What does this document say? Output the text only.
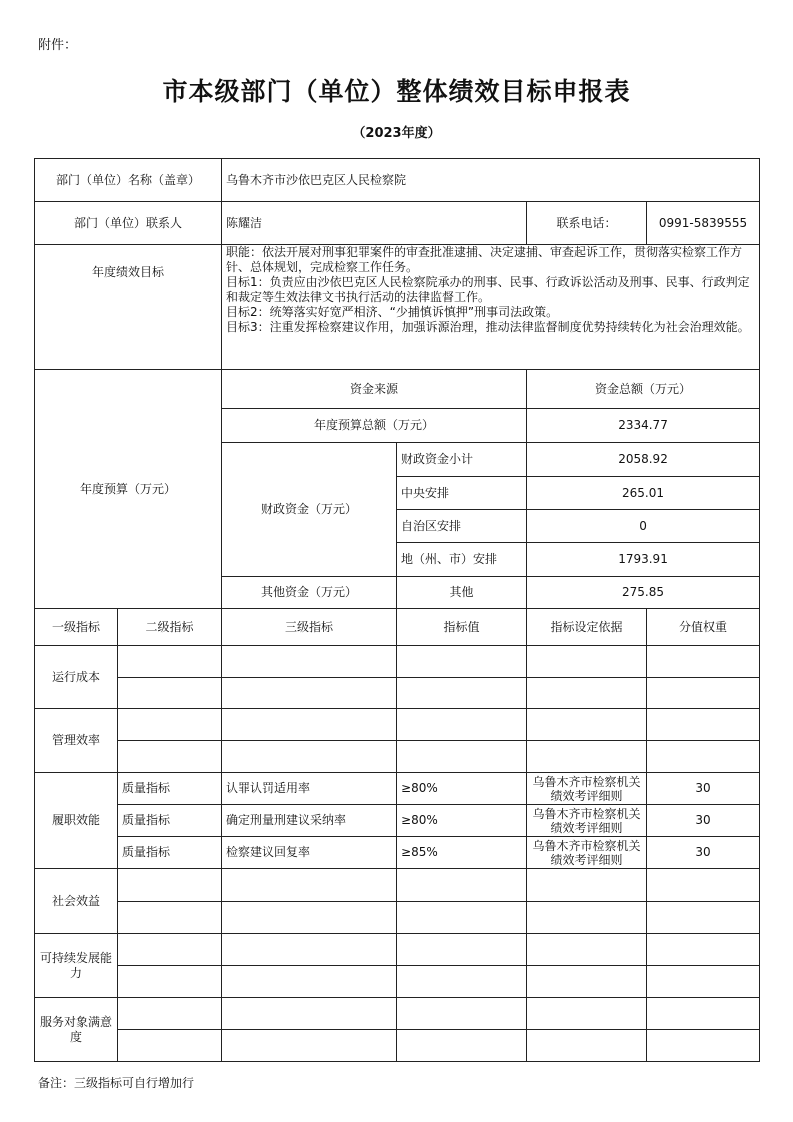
附件：
市本级部门（单位）整体绩效目标申报表
（2023年度）
部门（单位）名称（盖章）		乌鲁木齐市沙依巴克区人民检察院			
部门（单位）联系人		陈耀洁		联系电话：	0991-5839555
年度绩效目标		职能：依法开展对刑事犯罪案件的审查批准逮捕、决定逮捕、审查起诉工作，贯彻落实检察工作方针、总体规划，完成检察工作任务。
目标1：负责应由沙依巴克区人民检察院承办的刑事、民事、行政诉讼活动及刑事、民事、行政判定和裁定等生效法律文书执行活动的法律监督工作。
目标2：统筹落实好宽严相济、“少捕慎诉慎押”刑事司法政策。
目标3：注重发挥检察建议作用，加强诉源治理，推动法律监督制度优势持续转化为社会治理效能。			

年度预算（万元）		资金来源		资金总额（万元）	
		年度预算总额（万元）		2334.77	
		财政资金（万元）	财政资金小计	2058.92	
			中央安排	265.01	
			自治区安排	0	
			地（州、市）安排	1793.91	
		其他资金（万元）	其他	275.85	
一级指标	二级指标	三级指标	指标值	指标设定依据	分值权重
运行成本					

管理效率					

履职效能	质量指标	认罪认罚适用率	≥80%	乌鲁木齐市检察机关绩效考评细则	30
	质量指标	确定刑量刑建议采纳率	≥80%	乌鲁木齐市检察机关绩效考评细则	30
	质量指标	检察建议回复率	≥85%	乌鲁木齐市检察机关绩效考评细则	30
社会效益					

可持续发展能力					

服务对象满意度					

备注：三级指标可自行增加行
